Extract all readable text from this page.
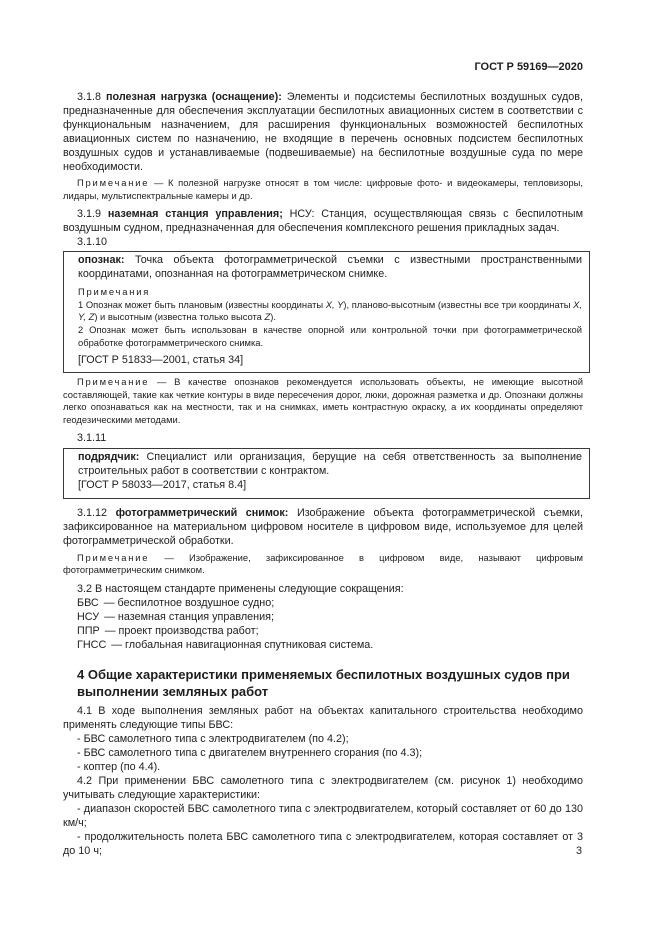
ГОСТ Р 59169—2020

3.1.8 полезная нагрузка (оснащение): Элементы и подсистемы беспилотных воздушных судов, предназначенные для обеспечения эксплуатации беспилотных авиационных систем в соответствии с функциональным назначением, для расширения функциональных возможностей беспилотных авиационных систем по назначению, не входящие в перечень основных подсистем беспилотных воздушных судов и устанавливаемые (подвешиваемые) на беспилотные воздушные суда по мере необходимости.

Примечание — К полезной нагрузке относят в том числе: цифровые фото- и видеокамеры, тепловизоры, лидары, мультиспектральные камеры и др.

3.1.9 наземная станция управления; НСУ: Станция, осуществляющая связь с беспилотным воздушным судном, предназначенная для обеспечения комплексного решения прикладных задач.

3.1.10

опознак: Точка объекта фотограмметрической съемки с известными пространственными координатами, опознанная на фотограмметрическом снимке.

Примечания

1 Опознак может быть плановым (известны координаты X, Y), планово-высотным (известны все три координаты X, Y, Z) и высотным (известна только высота Z).

2 Опознак может быть использован в качестве опорной или контрольной точки при фотограмметрической обработке фотограмметрического снимка.

[ГОСТ Р 51833—2001, статья 34]

Примечание — В качестве опознаков рекомендуется использовать объекты, не имеющие высотной составляющей, такие как четкие контуры в виде пересечения дорог, люки, дорожная разметка и др. Опознаки должны легко опознаваться как на местности, так и на снимках, иметь контрастную окраску, а их координаты определяют геодезическими методами.

3.1.11

подрядчик: Специалист или организация, берущие на себя ответственность за выполнение строительных работ в соответствии с контрактом.

[ГОСТ Р 58033—2017, статья 8.4]

3.1.12 фотограмметрический снимок: Изображение объекта фотограмметрической съемки, зафиксированное на материальном цифровом носителе в цифровом виде, используемое для целей фотограмметрической обработки.

Примечание — Изображение, зафиксированное в цифровом виде, называют цифровым фотограмметрическим снимком.

3.2 В настоящем стандарте применены следующие сокращения:

БВС — беспилотное воздушное судно;

НСУ — наземная станция управления;

ППР — проект производства работ;

ГНСС — глобальная навигационная спутниковая система.

4 Общие характеристики применяемых беспилотных воздушных судов при выполнении земляных работ

4.1 В ходе выполнения земляных работ на объектах капитального строительства необходимо применять следующие типы БВС:

- БВС самолетного типа с электродвигателем (по 4.2);

- БВС самолетного типа с двигателем внутреннего сгорания (по 4.3);

- коптер (по 4.4).

4.2 При применении БВС самолетного типа с электродвигателем (см. рисунок 1) необходимо учитывать следующие характеристики:

- диапазон скоростей БВС самолетного типа с электродвигателем, который составляет от 60 до 130 км/ч;

- продолжительность полета БВС самолетного типа с электродвигателем, которая составляет от 3 до 10 ч;	3
